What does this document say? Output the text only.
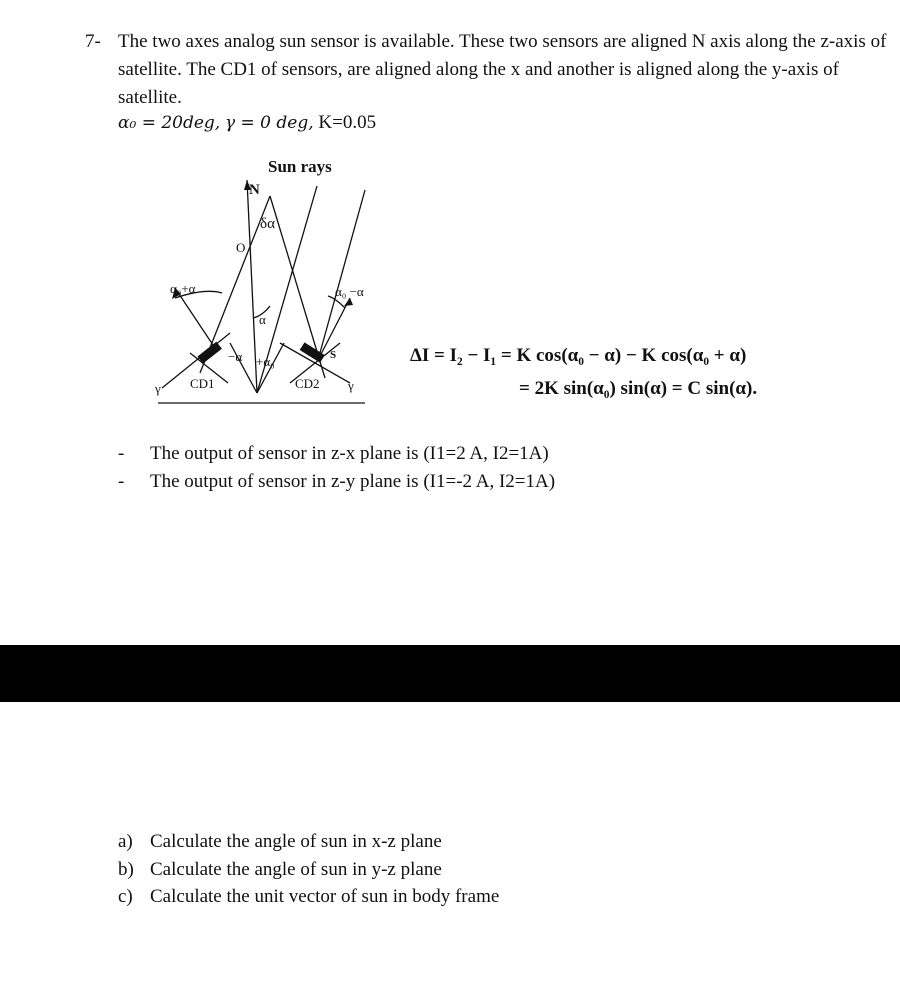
7- The two axes analog sun sensor is available. These two sensors are aligned N axis along the z-axis of satellite. The CD1 of sensors, are aligned along the x and another is aligned along the y-axis of satellite.
α₀ = 20deg, γ = 0 deg, K=0.05
Sun rays
N
δα
O
α₀+α	α₀ −α
α
−α +α₀	S
CD1	CD2
γ	γ
ΔI = I₂ − I₁ = K cos(α₀ − α) − K cos(α₀ + α)
= 2K sin(α₀) sin(α) = C sin(α).
- The output of sensor in z-x plane is (I1=2 A, I2=1A)
- The output of sensor in z-y plane is (I1=-2 A, I2=1A)
a) Calculate the angle of sun in x-z plane
b) Calculate the angle of sun in y-z plane
c) Calculate the unit vector of sun in body frame
